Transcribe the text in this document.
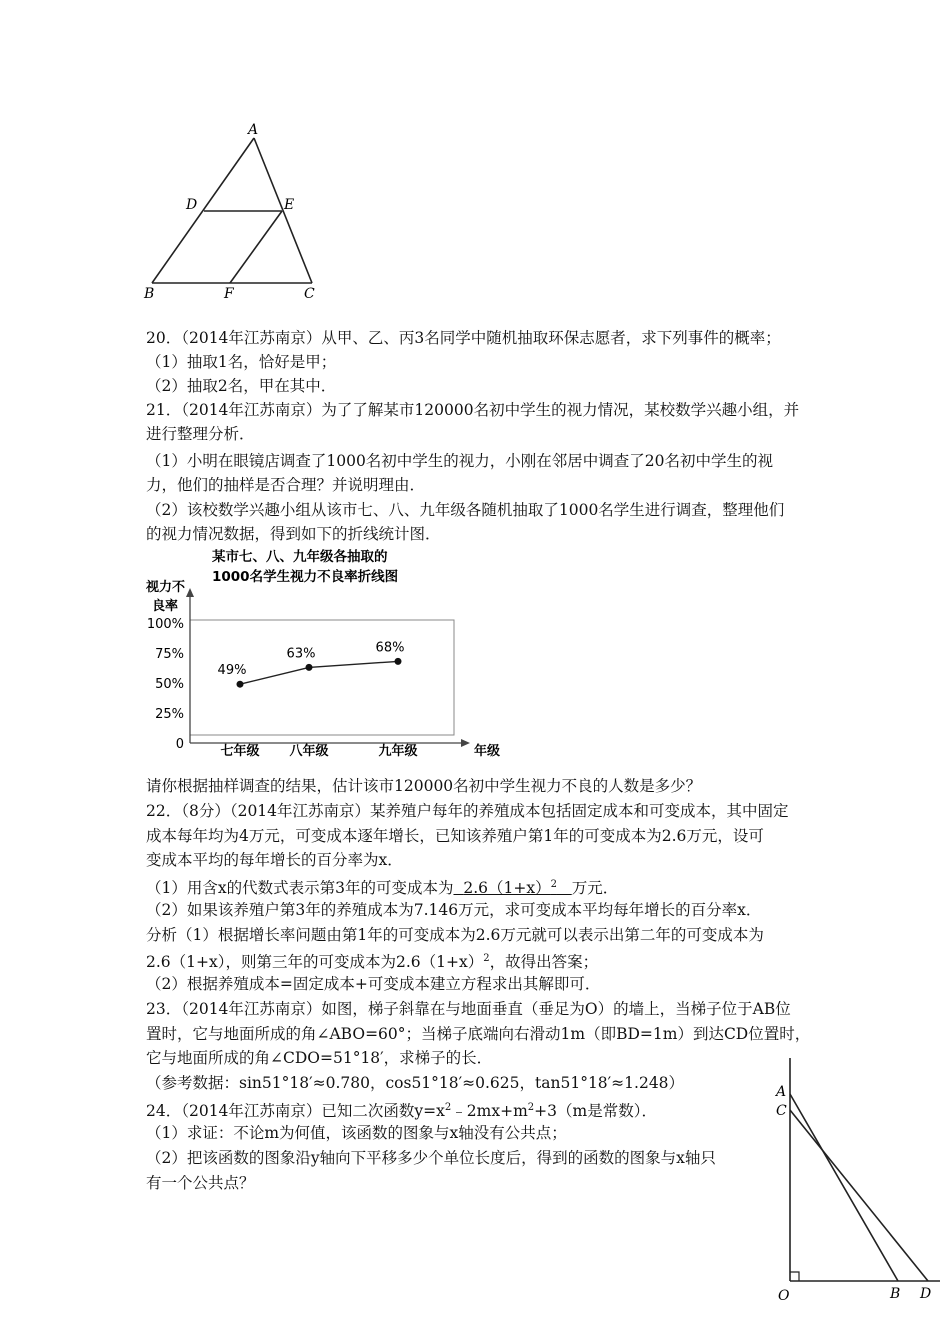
A
D	E
B	F	C
20．（2014年江苏南京）从甲、乙、丙3名同学中随机抽取环保志愿者，求下列事件的概率；
（1）抽取1名，恰好是甲；
（2）抽取2名，甲在其中．
21．（2014年江苏南京）为了了解某市120000名初中学生的视力情况，某校数学兴趣小组，并
进行整理分析．
（1）小明在眼镜店调查了1000名初中学生的视力，小刚在邻居中调查了20名初中学生的视
力，他们的抽样是否合理？并说明理由．
（2）该校数学兴趣小组从该市七、八、九年级各随机抽取了1000名学生进行调查，整理他们
的视力情况数据，得到如下的折线统计图．
某市七、八、九年级各抽取的
1000名学生视力不良率折线图
视力不
良率
年级
0
25%
50%
75%
100%
49%
63%	68%
七年级 八年级	九年级
请你根据抽样调查的结果，估计该市120000名初中学生视力不良的人数是多少？
22．（8分）（2014年江苏南京）某养殖户每年的养殖成本包括固定成本和可变成本，其中固定
成本每年均为4万元，可变成本逐年增长，已知该养殖户第1年的可变成本为2.6万元，设可
变成本平均的每年增长的百分率为x．
（1）用含x的代数式表示第3年的可变成本为 $2.6(1+x)^2$ 万元．
（2）如果该养殖户第3年的养殖成本为7.146万元，求可变成本平均每年增长的百分率x．
分析（1）根据增长率问题由第1年的可变成本为2.6万元就可以表示出第二年的可变成本为
2.6（1+x），则第三年的可变成本为$2.6(1+x)^2$，故得出答案；
（2）根据养殖成本=固定成本+可变成本建立方程求出其解即可．
23．（2014年江苏南京）如图，梯子斜靠在与地面垂直（垂足为O）的墙上，当梯子位于AB位
置时，它与地面所成的角∠ABO=60°；当梯子底端向右滑动1m（即BD=1m）到达CD位置时，
它与地面所成的角∠CDO=51°18′，求梯子的长．
（参考数据：sin51°18′≈0.780，cos51°18′≈0.625，tan51°18′≈1.248）
24．（2014年江苏南京）已知二次函数$y=x^2﹣2mx+m^2+3(m$是常数）．
（1）求证：不论m为何值，该函数的图象与x轴没有公共点；
（2）把该函数的图象沿y轴向下平移多少个单位长度后，得到的函数的图象与x轴只
有一个公共点？
A
C
O	B D
